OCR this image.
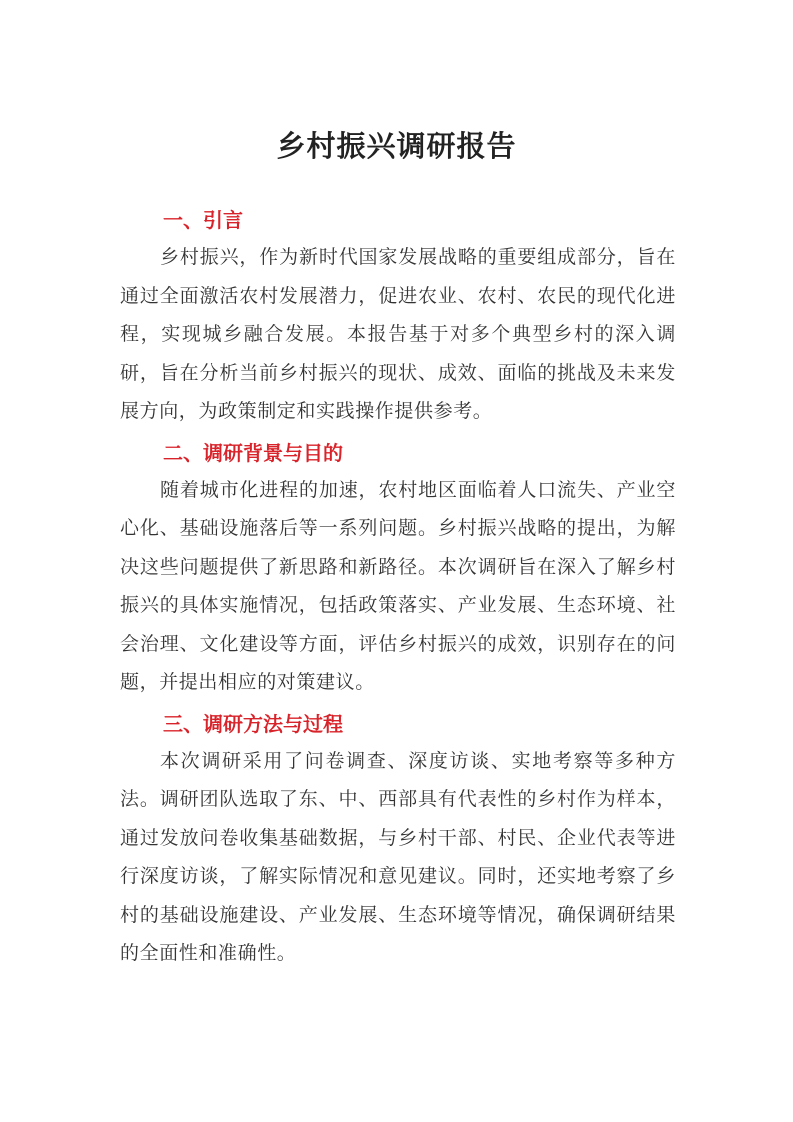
乡村振兴调研报告
一、引言

乡村振兴，作为新时代国家发展战略的重要组成部分，旨在通过全面激活农村发展潜力，促进农业、农村、农民的现代化进程，实现城乡融合发展。本报告基于对多个典型乡村的深入调研，旨在分析当前乡村振兴的现状、成效、面临的挑战及未来发展方向，为政策制定和实践操作提供参考。

二、调研背景与目的

随着城市化进程的加速，农村地区面临着人口流失、产业空心化、基础设施落后等一系列问题。乡村振兴战略的提出，为解决这些问题提供了新思路和新路径。本次调研旨在深入了解乡村振兴的具体实施情况，包括政策落实、产业发展、生态环境、社会治理、文化建设等方面，评估乡村振兴的成效，识别存在的问题，并提出相应的对策建议。

三、调研方法与过程

本次调研采用了问卷调查、深度访谈、实地考察等多种方法。调研团队选取了东、中、西部具有代表性的乡村作为样本，通过发放问卷收集基础数据，与乡村干部、村民、企业代表等进行深度访谈，了解实际情况和意见建议。同时，还实地考察了乡村的基础设施建设、产业发展、生态环境等情况，确保调研结果的全面性和准确性。
